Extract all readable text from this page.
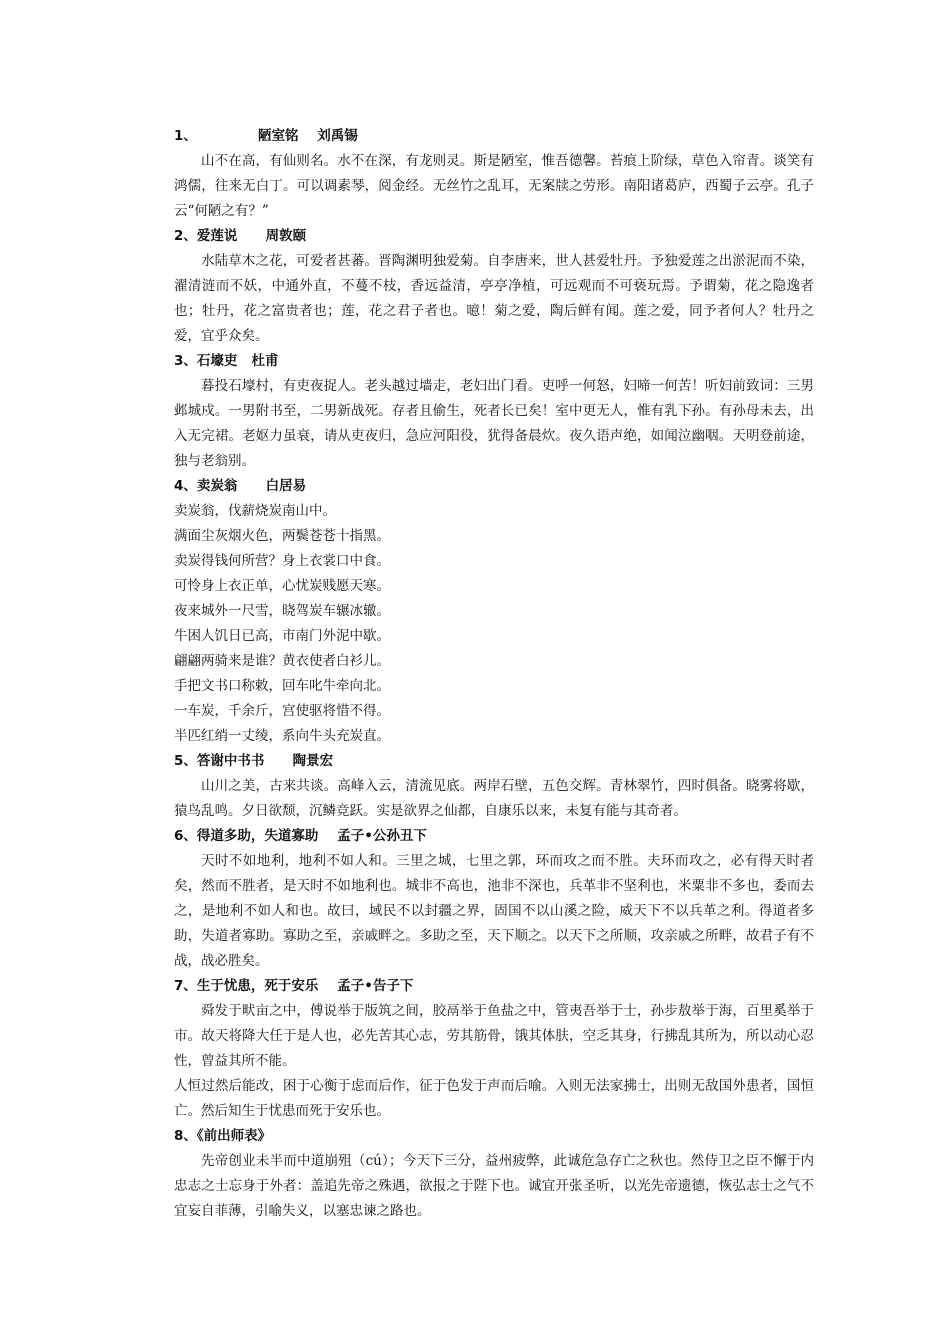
1、             陋室铭    刘禹锡
山不在高，有仙则名。水不在深，有龙则灵。斯是陋室，惟吾德馨。苔痕上阶绿，草色入帘青。谈笑有鸿儒，往来无白丁。可以调素琴，阅金经。无丝竹之乱耳，无案牍之劳形。南阳诸葛庐，西蜀子云亭。孔子云“何陋之有？”
2、爱莲说      周敦颐
水陆草木之花，可爱者甚蕃。晋陶渊明独爱菊。自李唐来，世人甚爱牡丹。予独爱莲之出淤泥而不染，濯清涟而不妖，中通外直，不蔓不枝，香远益清，亭亭净植，可远观而不可亵玩焉。予谓菊，花之隐逸者也；牡丹，花之富贵者也；莲，花之君子者也。噫！菊之爱，陶后鲜有闻。莲之爱，同予者何人？牡丹之爱，宜乎众矣。
3、石壕吏   杜甫
暮投石壕村，有吏夜捉人。老头越过墙走，老妇出门看。吏呼一何怒，妇啼一何苦！听妇前致词：三男邺城戍。一男附书至，二男新战死。存者且偷生，死者长已矣！室中更无人，惟有乳下孙。有孙母未去，出入无完裙。老妪力虽衰，请从吏夜归，急应河阳役，犹得备晨炊。夜久语声绝，如闻泣幽咽。天明登前途，独与老翁别。
4、卖炭翁      白居易
卖炭翁，伐薪烧炭南山中。
满面尘灰烟火色，两鬓苍苍十指黑。
卖炭得钱何所营？身上衣裳口中食。
可怜身上衣正单，心忧炭贱愿天寒。
夜来城外一尺雪，晓驾炭车辗冰辙。
牛困人饥日已高，市南门外泥中歇。
翩翩两骑来是谁？黄衣使者白衫儿。
手把文书口称敕，回车叱牛牵向北。
一车炭，千余斤，宫使驱将惜不得。
半匹红绡一丈绫，系向牛头充炭直。
5、答谢中书书      陶景宏
山川之美，古来共谈。高峰入云，清流见底。两岸石壁，五色交辉。青林翠竹，四时俱备。晓雾将歇，猿鸟乱鸣。夕日欲颓，沉鳞竞跃。实是欲界之仙都，自康乐以来，未复有能与其奇者。
6、得道多助，失道寡助    孟子•公孙丑下
天时不如地利，地利不如人和。三里之城，七里之郭，环而攻之而不胜。夫环而攻之，必有得天时者矣，然而不胜者，是天时不如地利也。城非不高也，池非不深也，兵革非不坚利也，米粟非不多也，委而去之，是地利不如人和也。故曰，域民不以封疆之界，固国不以山溪之险，威天下不以兵革之利。得道者多助，失道者寡助。寡助之至，亲戚畔之。多助之至，天下顺之。以天下之所顺，攻亲戚之所畔，故君子有不战，战必胜矣。
7、生于忧患，死于安乐    孟子•告子下
舜发于畎亩之中，傅说举于版筑之间，胶鬲举于鱼盐之中，管夷吾举于士，孙步敖举于海，百里奚举于市。故天将降大任于是人也，必先苦其心志，劳其筋骨，饿其体肤，空乏其身，行拂乱其所为，所以动心忍性，曾益其所不能。
人恒过然后能改，困于心衡于虑而后作，征于色发于声而后喻。入则无法家拂士，出则无敌国外患者，国恒亡。然后知生于忧患而死于安乐也。
8、《前出师表》
先帝创业未半而中道崩殂（cú）；今天下三分，益州疲弊，此诚危急存亡之秋也。然侍卫之臣不懈于内忠志之士忘身于外者：盖追先帝之殊遇，欲报之于陛下也。诚宜开张圣听，以光先帝遗德，恢弘志士之气不宜妄自菲薄，引喻失义，以塞忠谏之路也。
